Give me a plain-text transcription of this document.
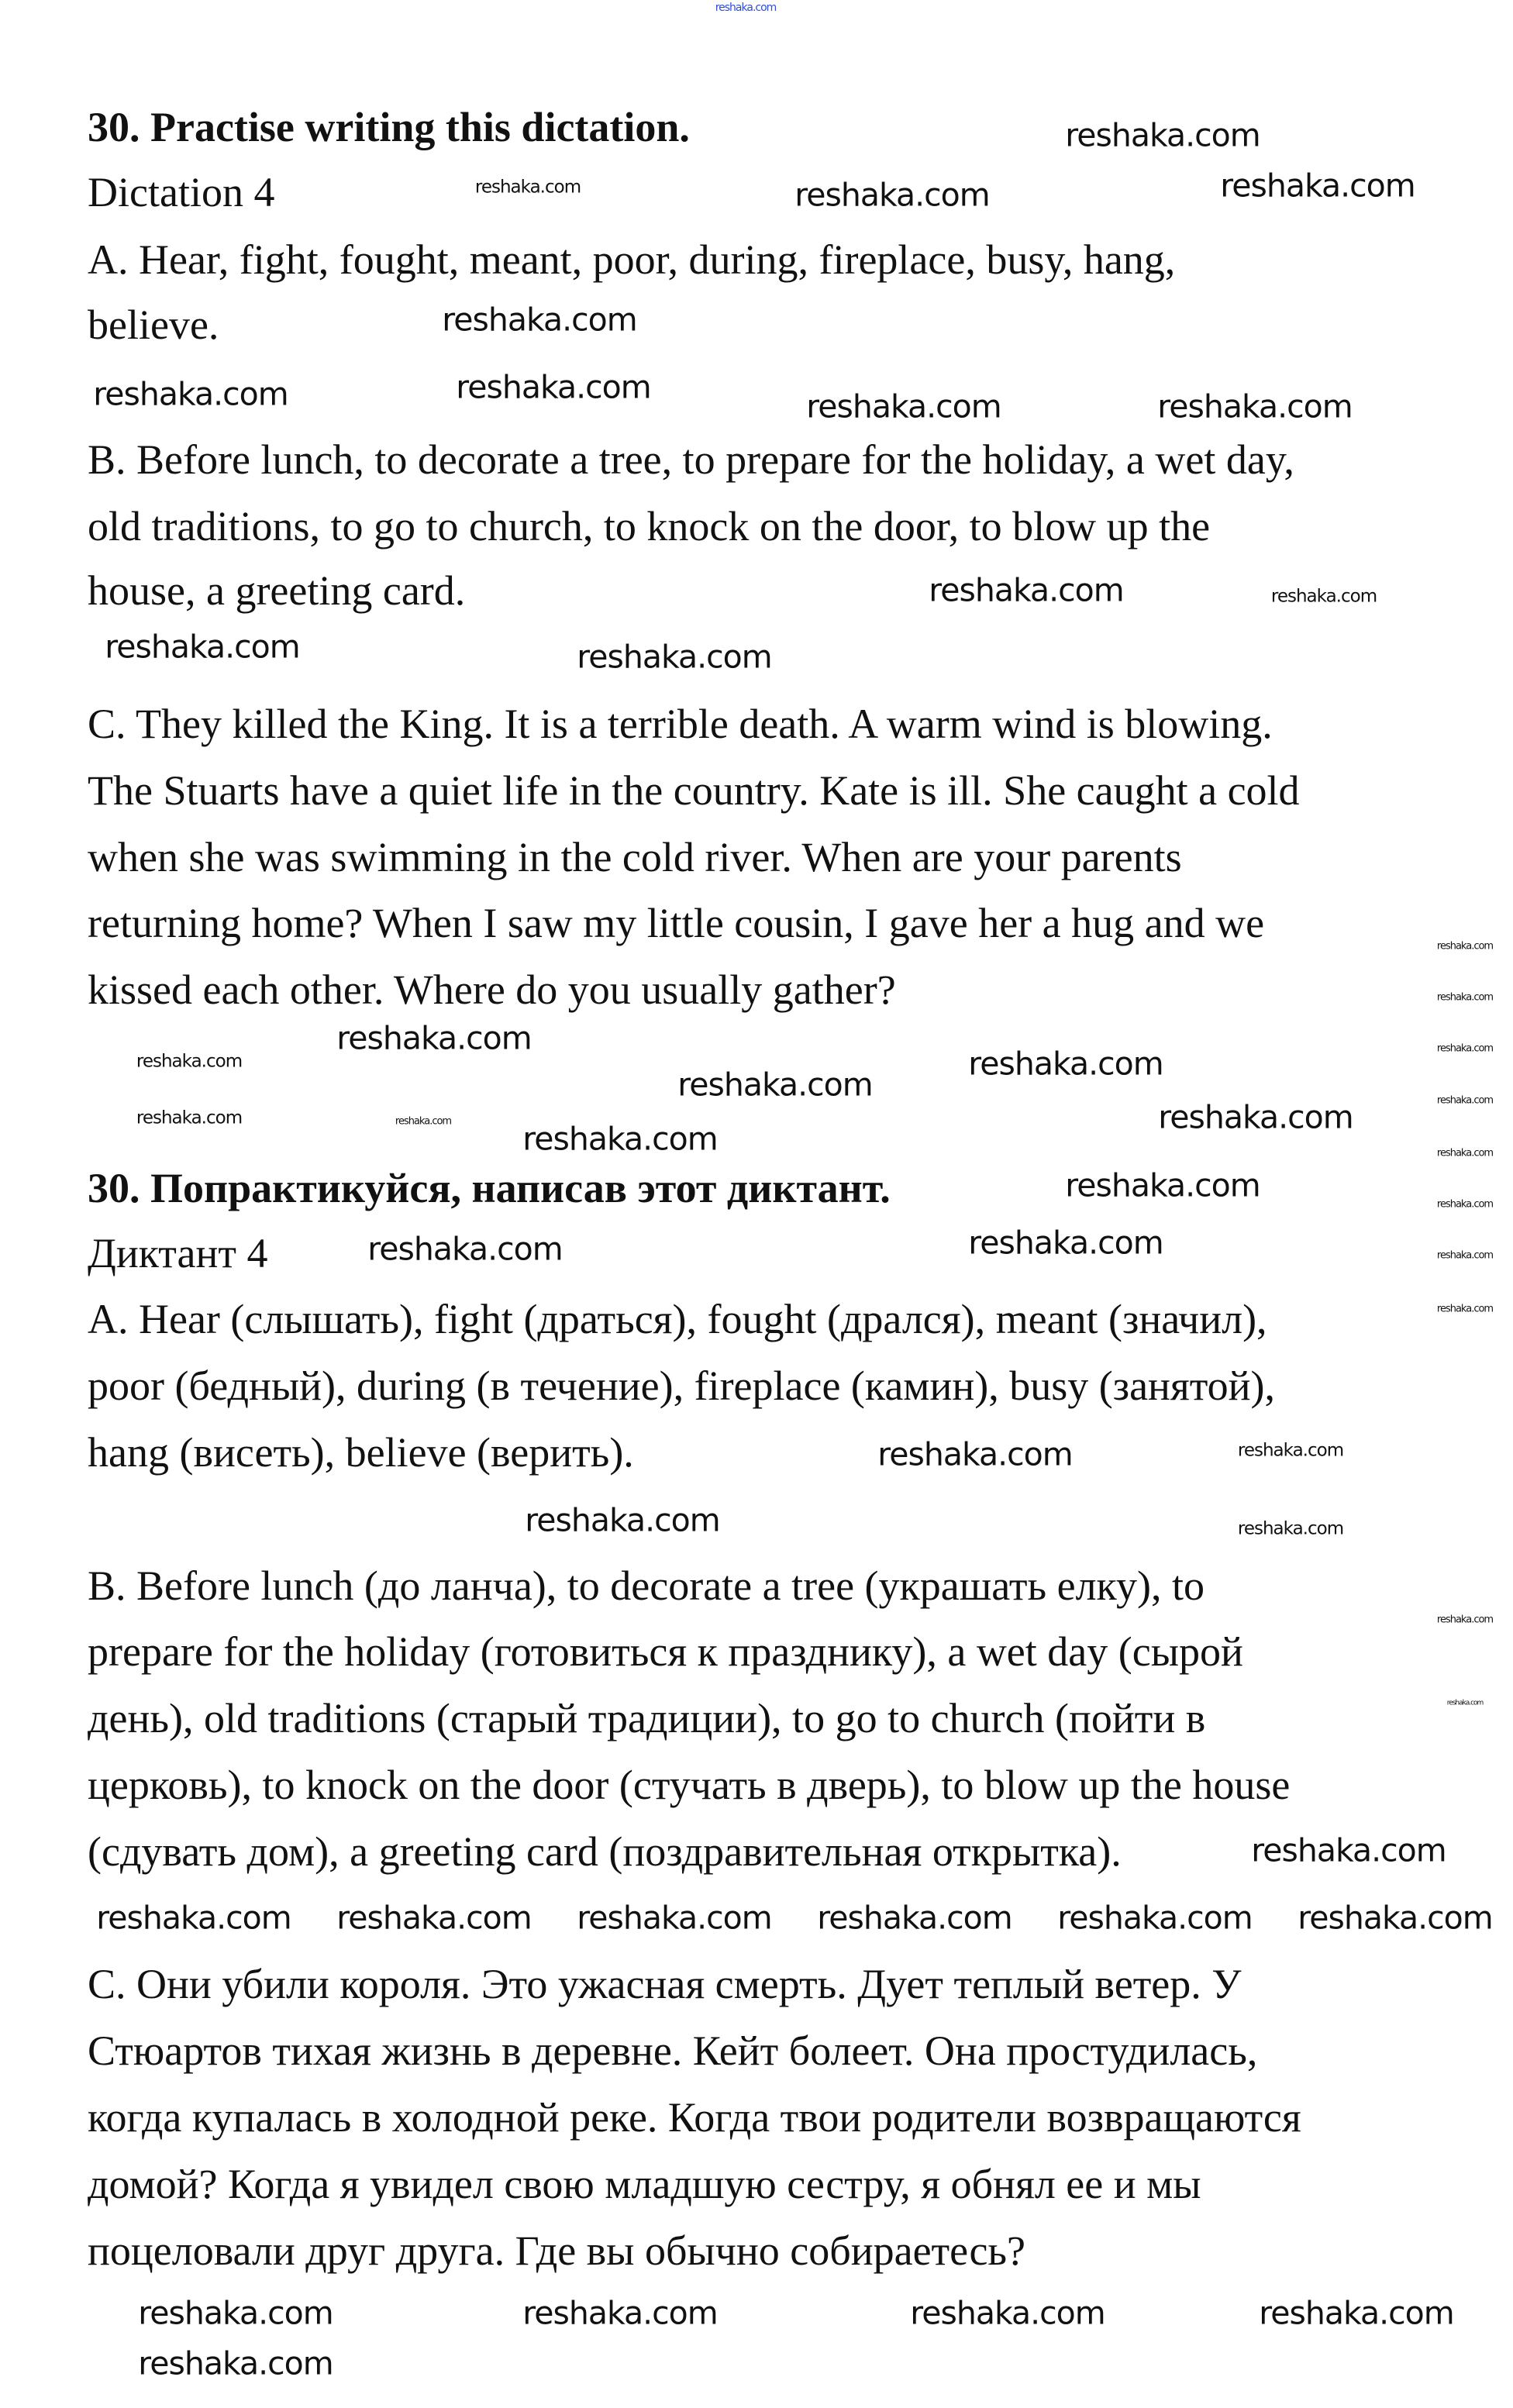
30. Practise writing this dictation.
Dictation 4
A. Hear, fight, fought, meant, poor, during, fireplace, busy, hang,
believe.
B. Before lunch, to decorate a tree, to prepare for the holiday, a wet day,
old traditions, to go to church, to knock on the door, to blow up the
house, a greeting card.
C. They killed the King. It is a terrible death. A warm wind is blowing.
The Stuarts have a quiet life in the country. Kate is ill. She caught a cold
when she was swimming in the cold river. When are your parents
returning home? When I saw my little cousin, I gave her a hug and we
kissed each other. Where do you usually gather?
30. Попрактикуйся, написав этот диктант.
Диктант 4
A. Hear (слышать), fight (драться), fought (дрался), meant (значил),
poor (бедный), during (в течение), fireplace (камин), busy (занятой),
hang (висеть), believe (верить).
B. Before lunch (до ланча), to decorate a tree (украшать елку), to
prepare for the holiday (готовиться к празднику), a wet day (сырой
день), old traditions (старый традиции), to go to church (пойти в
церковь), to knock on the door (стучать в дверь), to blow up the house
(сдувать дом), a greeting card (поздравительная открытка).
С. Они убили короля. Это ужасная смерть. Дует теплый ветер. У
Стюартов тихая жизнь в деревне. Кейт болеет. Она простудилась,
когда купалась в холодной реке. Когда твои родители возвращаются
домой? Когда я увидел свою младшую сестру, я обнял ее и мы
поцеловали друг друга. Где вы обычно собираетесь?
reshaka.com
reshaka.com
reshaka.com	reshaka.com	reshaka.com
reshaka.com
reshaka.com	reshaka.com	reshaka.com
reshaka.com
reshaka.com
reshaka.com	reshaka.com
reshaka.com
reshaka.com
reshaka.com
reshaka.com
reshaka.com
reshaka.com
reshaka.com
reshaka.com
reshaka.com
reshaka.com
reshaka.com
reshaka.com
reshaka.com
reshaka.com
reshaka.com
reshaka.com	reshaka.com
reshaka.com
reshaka.com
reshaka.com
reshaka.com	reshaka.com
reshaka.com	reshaka.com
reshaka.com
reshaka.com
reshaka.com
reshaka.com
reshaka.com
reshaka.com reshaka.com	reshaka.com reshaka.com
reshaka.com	reshaka.com	reshaka.com	reshaka.com
reshaka.com
